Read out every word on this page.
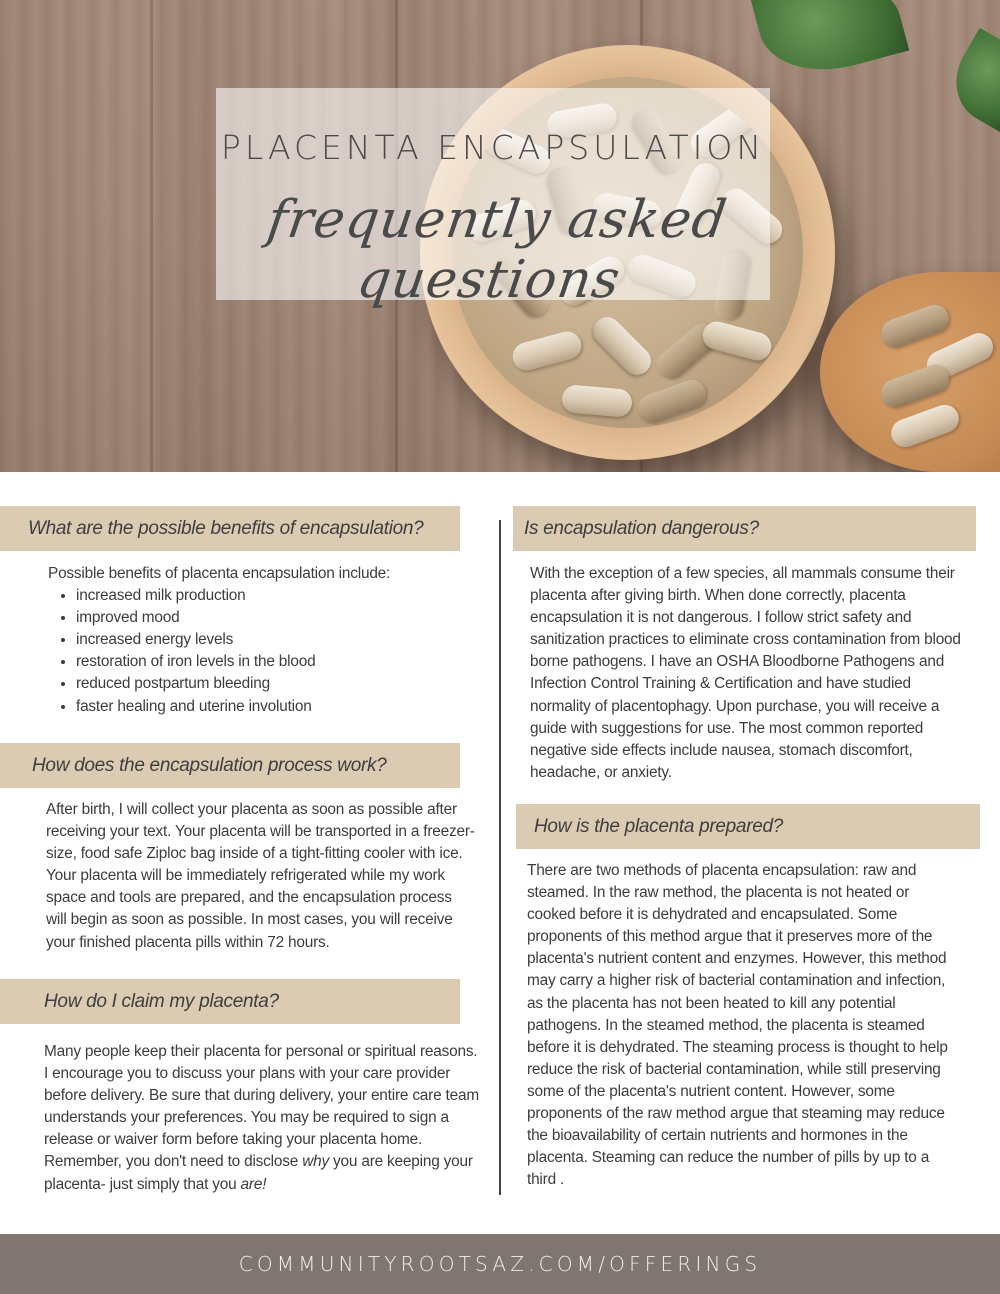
PLACENTA ENCAPSULATION
frequently asked questions
What are the possible benefits of encapsulation?

Possible benefits of placenta encapsulation include:

• increased milk production
• improved mood
• increased energy levels
• restoration of iron levels in the blood
• reduced postpartum bleeding
• faster healing and uterine involution
How does the encapsulation process work?

After birth, I will collect your placenta as soon as possible after receiving your text. Your placenta will be transported in a freezer-size, food safe Ziploc bag inside of a tight-fitting cooler with ice. Your placenta will be immediately refrigerated while my work space and tools are prepared, and the encapsulation process will begin as soon as possible. In most cases, you will receive your finished placenta pills within 72 hours.

How do I claim my placenta?

Many people keep their placenta for personal or spiritual reasons. I encourage you to discuss your plans with your care provider before delivery. Be sure that during delivery, your entire care team understands your preferences. You may be required to sign a release or waiver form before taking your placenta home. Remember, you don't need to disclose why you are keeping your placenta- just simply that you are!

Is encapsulation dangerous?

With the exception of a few species, all mammals consume their placenta after giving birth. When done correctly, placenta encapsulation it is not dangerous. I follow strict safety and sanitization practices to eliminate cross contamination from blood borne pathogens. I have an OSHA Bloodborne Pathogens and Infection Control Training & Certification and have studied normality of placentophagy. Upon purchase, you will receive a guide with suggestions for use. The most common reported negative side effects include nausea, stomach discomfort, headache, or anxiety.

How is the placenta prepared?

There are two methods of placenta encapsulation: raw and steamed. In the raw method, the placenta is not heated or cooked before it is dehydrated and encapsulated. Some proponents of this method argue that it preserves more of the placenta's nutrient content and enzymes. However, this method may carry a higher risk of bacterial contamination and infection, as the placenta has not been heated to kill any potential pathogens. In the steamed method, the placenta is steamed before it is dehydrated. The steaming process is thought to help reduce the risk of bacterial contamination, while still preserving some of the placenta's nutrient content. However, some proponents of the raw method argue that steaming may reduce the bioavailability of certain nutrients and hormones in the placenta. Steaming can reduce the number of pills by up to a third .

COMMUNITYROOTSAZ.COM/OFFERINGS
